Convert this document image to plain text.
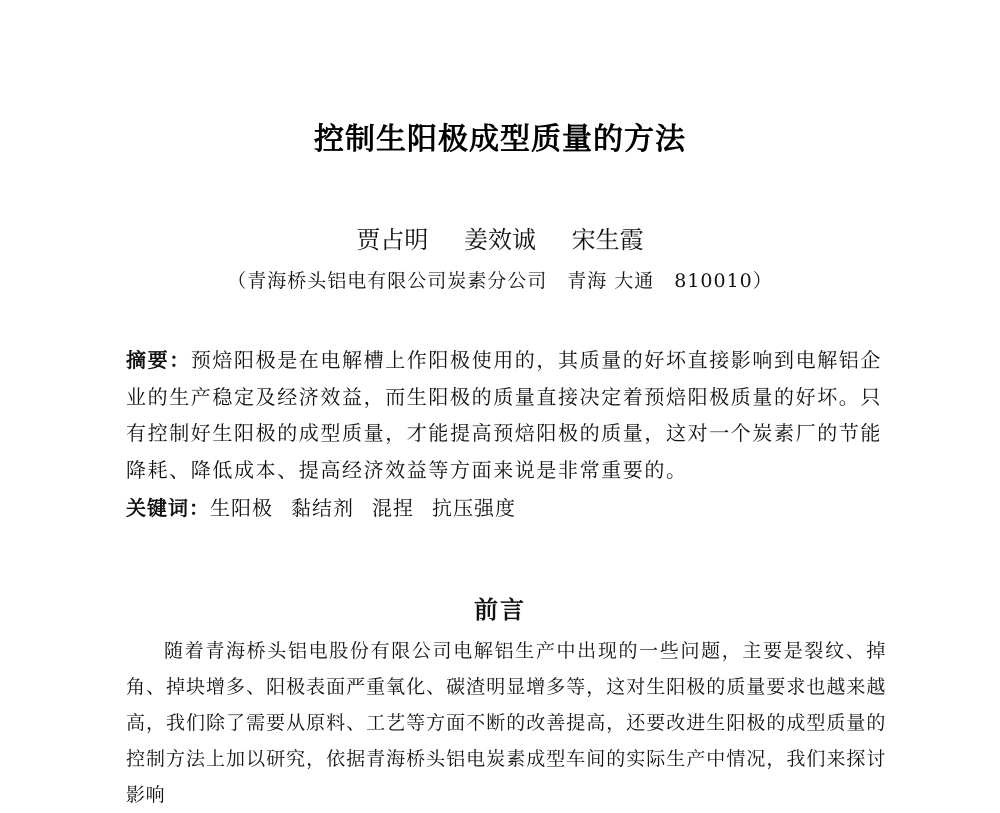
控制生阳极成型质量的方法
贾占明 姜效诚 宋生霞
（青海桥头铝电有限公司炭素分公司　青海 大通　810010）
摘要：预焙阳极是在电解槽上作阳极使用的，其质量的好坏直接影响到电解铝企业的生产稳定及经济效益，而生阳极的质量直接决定着预焙阳极质量的好坏。只有控制好生阳极的成型质量，才能提高预焙阳极的质量，这对一个炭素厂的节能降耗、降低成本、提高经济效益等方面来说是非常重要的。
关键词：生阳极 黏结剂 混捏 抗压强度
前言
随着青海桥头铝电股份有限公司电解铝生产中出现的一些问题，主要是裂纹、掉角、掉块增多、阳极表面严重氧化、碳渣明显增多等，这对生阳极的质量要求也越来越高，我们除了需要从原料、工艺等方面不断的改善提高，还要改进生阳极的成型质量的控制方法上加以研究，依据青海桥头铝电炭素成型车间的实际生产中情况，我们来探讨影响
